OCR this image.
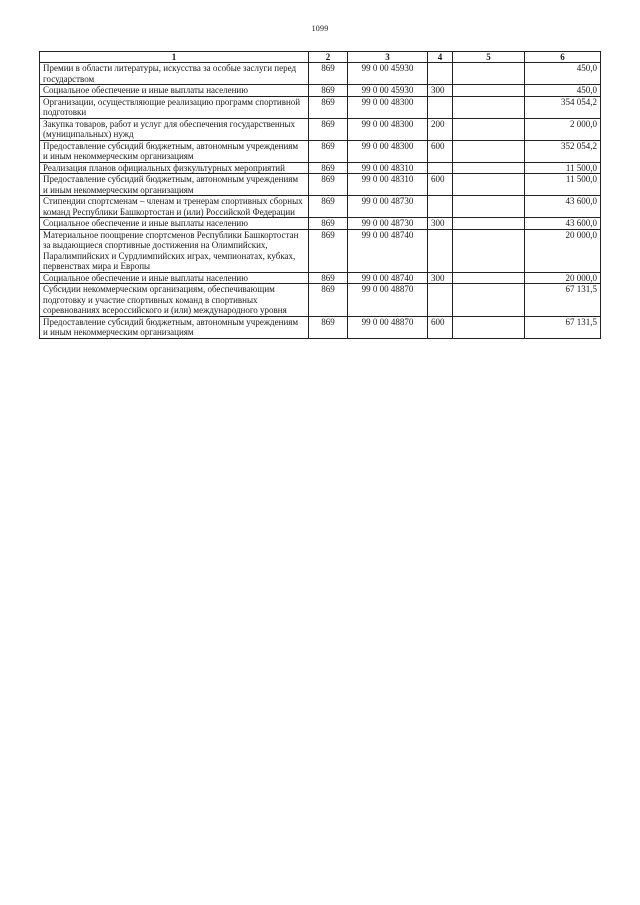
1099
1	2	3	4	5	6
Премии в области литературы, искусства за особые заслуги перед государством	869	99 0 00 45930			450,0
Социальное обеспечение и иные выплаты населению	869	99 0 00 45930	300		450,0
Организации, осуществляющие реализацию программ спортивной подготовки	869	99 0 00 48300			354 054,2
Закупка товаров, работ и услуг для обеспечения государственных (муниципальных) нужд	869	99 0 00 48300	200		2 000,0
Предоставление субсидий бюджетным, автономным учреждениям и иным некоммерческим организациям	869	99 0 00 48300	600		352 054,2
Реализация планов официальных физкультурных мероприятий	869	99 0 00 48310			11 500,0
Предоставление субсидий бюджетным, автономным учреждениям и иным некоммерческим организациям	869	99 0 00 48310	600		11 500,0
Стипендии спортсменам – членам и тренерам спортивных сборных команд Республики Башкортостан и (или) Российской Федерации	869	99 0 00 48730			43 600,0
Социальное обеспечение и иные выплаты населению	869	99 0 00 48730	300		43 600,0
Материальное поощрение спортсменов Республики Башкортостан за выдающиеся спортивные достижения на Олимпийских, Паралимпийских и Сурдлимпийских играх, чемпионатах, кубках, первенствах мира и Европы	869	99 0 00 48740			20 000,0
Социальное обеспечение и иные выплаты населению	869	99 0 00 48740	300		20 000,0
Субсидии некоммерческим организациям, обеспечивающим подготовку и участие спортивных команд в спортивных соревнованиях всероссийского и (или) международного уровня	869	99 0 00 48870			67 131,5
Предоставление субсидий бюджетным, автономным учреждениям и иным некоммерческим организациям	869	99 0 00 48870	600		67 131,5
